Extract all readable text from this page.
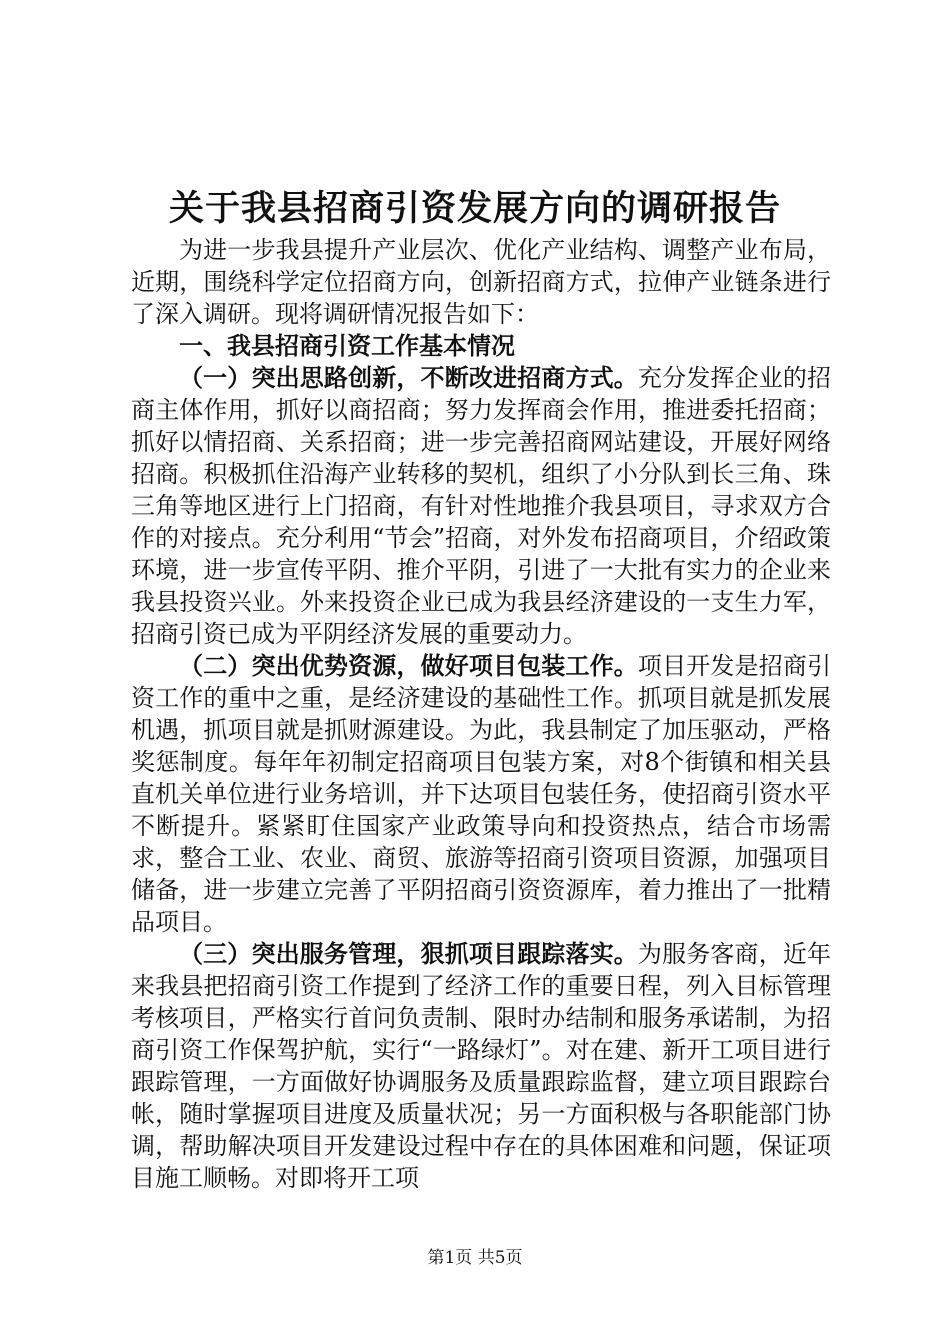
关于我县招商引资发展方向的调研报告

为进一步我县提升产业层次、优化产业结构、调整产业布局，近期，围绕科学定位招商方向，创新招商方式，拉伸产业链条进行了深入调研。现将调研情况报告如下：

一、我县招商引资工作基本情况

（一）突出思路创新，不断改进招商方式。充分发挥企业的招商主体作用，抓好以商招商；努力发挥商会作用，推进委托招商；抓好以情招商、关系招商；进一步完善招商网站建设，开展好网络招商。积极抓住沿海产业转移的契机，组织了小分队到长三角、珠三角等地区进行上门招商，有针对性地推介我县项目，寻求双方合作的对接点。充分利用“节会”招商，对外发布招商项目，介绍政策环境，进一步宣传平阴、推介平阴，引进了一大批有实力的企业来我县投资兴业。外来投资企业已成为我县经济建设的一支生力军，招商引资已成为平阴经济发展的重要动力。

（二）突出优势资源，做好项目包装工作。项目开发是招商引资工作的重中之重，是经济建设的基础性工作。抓项目就是抓发展机遇，抓项目就是抓财源建设。为此，我县制定了加压驱动，严格奖惩制度。每年年初制定招商项目包装方案，对8个街镇和相关县直机关单位进行业务培训，并下达项目包装任务，使招商引资水平不断提升。紧紧盯住国家产业政策导向和投资热点，结合市场需求，整合工业、农业、商贸、旅游等招商引资项目资源，加强项目储备，进一步建立完善了平阴招商引资资源库，着力推出了一批精品项目。

（三）突出服务管理，狠抓项目跟踪落实。为服务客商，近年来我县把招商引资工作提到了经济工作的重要日程，列入目标管理考核项目，严格实行首问负责制、限时办结制和服务承诺制，为招商引资工作保驾护航，实行“一路绿灯”。对在建、新开工项目进行跟踪管理，一方面做好协调服务及质量跟踪监督，建立项目跟踪台帐，随时掌握项目进度及质量状况；另一方面积极与各职能部门协调，帮助解决项目开发建设过程中存在的具体困难和问题，保证项目施工顺畅。对即将开工项

第1页 共5页
